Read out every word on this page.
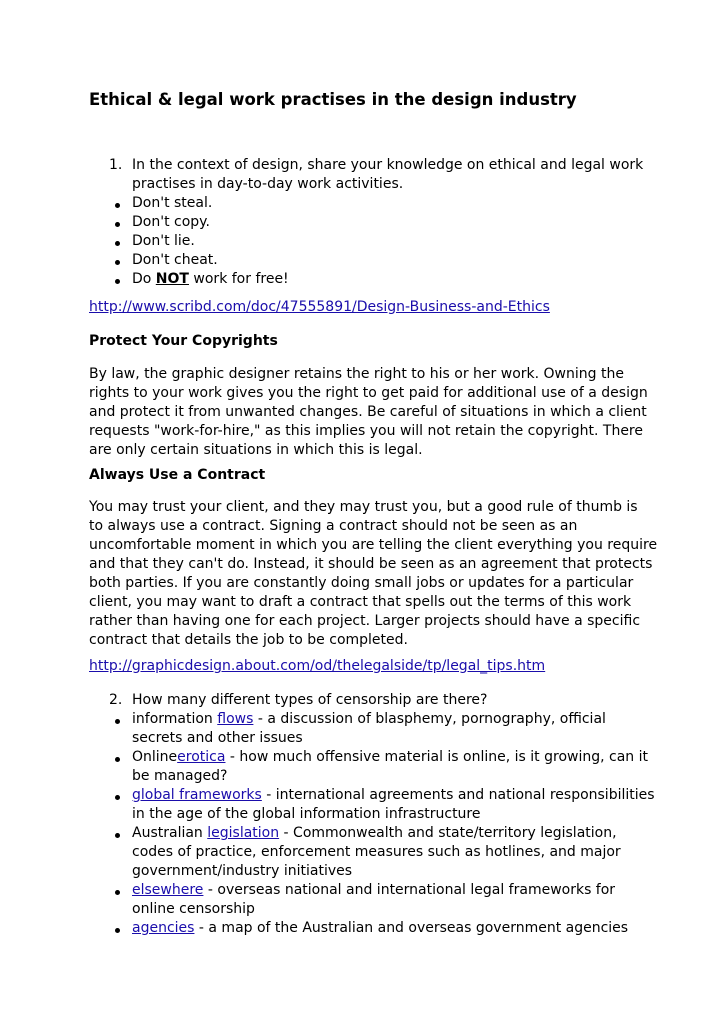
Ethical & legal work practises in the design industry
1. In the context of design, share your knowledge on ethical and legal work
practises in day-to-day work activities.
Don't steal.
Don't copy.
Don't lie.
Don't cheat.
Do NOT work for free!
http://www.scribd.com/doc/47555891/Design-Business-and-Ethics
Protect Your Copyrights
By law, the graphic designer retains the right to his or her work. Owning the
rights to your work gives you the right to get paid for additional use of a design
and protect it from unwanted changes. Be careful of situations in which a client
requests "work-for-hire," as this implies you will not retain the copyright. There
are only certain situations in which this is legal.
Always Use a Contract
You may trust your client, and they may trust you, but a good rule of thumb is
to always use a contract. Signing a contract should not be seen as an
uncomfortable moment in which you are telling the client everything you require
and that they can't do. Instead, it should be seen as an agreement that protects
both parties. If you are constantly doing small jobs or updates for a particular
client, you may want to draft a contract that spells out the terms of this work
rather than having one for each project. Larger projects should have a specific
contract that details the job to be completed.
http://graphicdesign.about.com/od/thelegalside/tp/legal_tips.htm
2. How many different types of censorship are there?
information flows - a discussion of blasphemy, pornography, official
secrets and other issues
Onlineerotica - how much offensive material is online, is it growing, can it
be managed?
global frameworks - international agreements and national responsibilities
in the age of the global information infrastructure
Australian legislation - Commonwealth and state/territory legislation,
codes of practice, enforcement measures such as hotlines, and major
government/industry initiatives
elsewhere - overseas national and international legal frameworks for
online censorship
agencies - a map of the Australian and overseas government agencies
